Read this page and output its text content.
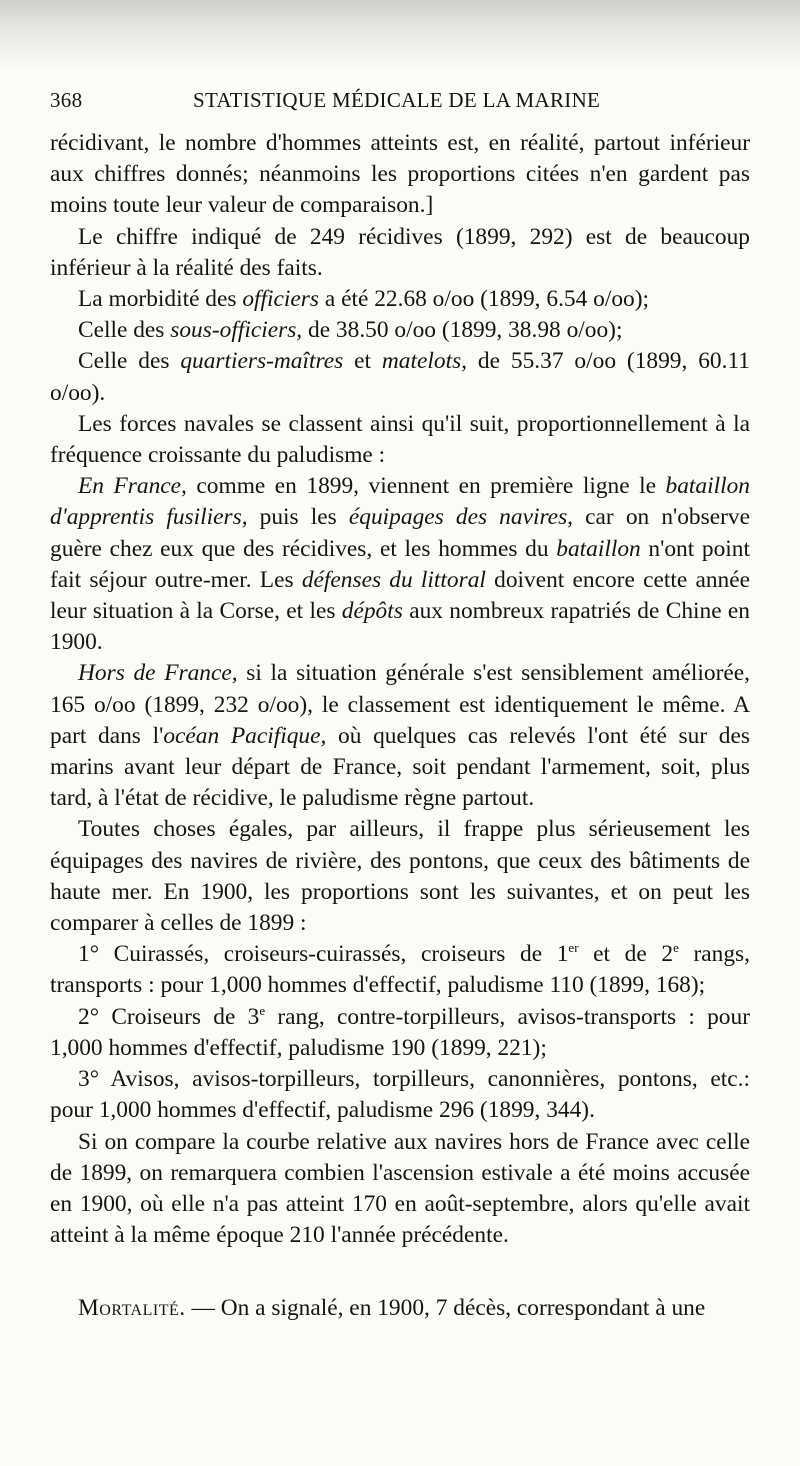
368	STATISTIQUE MÉDICALE DE LA MARINE

récidivant, le nombre d'hommes atteints est, en réalité, partout inférieur aux chiffres donnés; néanmoins les proportions citées n'en gardent pas moins toute leur valeur de comparaison.]

Le chiffre indiqué de 249 récidives (1899, 292) est de beaucoup inférieur à la réalité des faits.

La morbidité des officiers a été 22.68 o/oo (1899, 6.54 o/oo);

Celle des sous-officiers, de 38.50 o/oo (1899, 38.98 o/oo);

Celle des quartiers-maîtres et matelots, de 55.37 o/oo (1899, 60.11 o/oo).

Les forces navales se classent ainsi qu'il suit, proportionnellement à la fréquence croissante du paludisme :

En France, comme en 1899, viennent en première ligne le bataillon d'apprentis fusiliers, puis les équipages des navires, car on n'observe guère chez eux que des récidives, et les hommes du bataillon n'ont point fait séjour outre-mer. Les défenses du littoral doivent encore cette année leur situation à la Corse, et les dépôts aux nombreux rapatriés de Chine en 1900.

Hors de France, si la situation générale s'est sensiblement améliorée, 165 o/oo (1899, 232 o/oo), le classement est identiquement le même. A part dans l'océan Pacifique, où quelques cas relevés l'ont été sur des marins avant leur départ de France, soit pendant l'armement, soit, plus tard, à l'état de récidive, le paludisme règne partout.

Toutes choses égales, par ailleurs, il frappe plus sérieusement les équipages des navires de rivière, des pontons, que ceux des bâtiments de haute mer. En 1900, les proportions sont les suivantes, et on peut les comparer à celles de 1899 :

1° Cuirassés, croiseurs-cuirassés, croiseurs de 1er et de 2e rangs, transports : pour 1,000 hommes d'effectif, paludisme 110 (1899, 168);

2° Croiseurs de 3e rang, contre-torpilleurs, avisos-transports : pour 1,000 hommes d'effectif, paludisme 190 (1899, 221);

3° Avisos, avisos-torpilleurs, torpilleurs, canonnières, pontons, etc.: pour 1,000 hommes d'effectif, paludisme 296 (1899, 344).

Si on compare la courbe relative aux navires hors de France avec celle de 1899, on remarquera combien l'ascension estivale a été moins accusée en 1900, où elle n'a pas atteint 170 en août-septembre, alors qu'elle avait atteint à la même époque 210 l'année précédente.

Mortalité. — On a signalé, en 1900, 7 décès, correspondant à une
